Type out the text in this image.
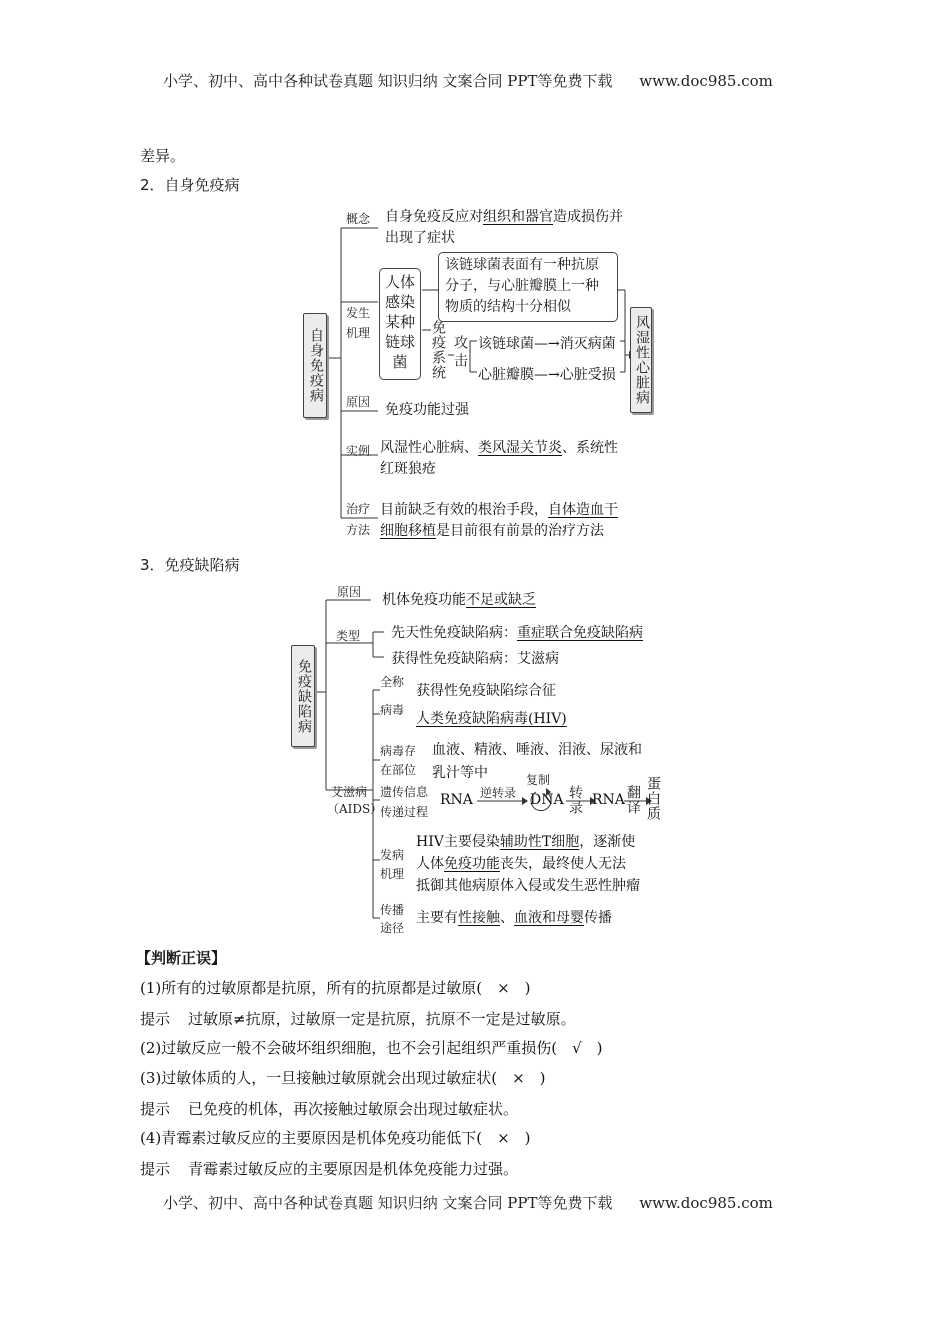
小学、初中、高中各种试卷真题 知识归纳 文案合同 PPT等免费下载 www.doc985.com
差异。
2．自身免疫病
自身免疫病
概念 自身免疫反应对组织和器官造成损伤并
出现了症状
发生
机理
人体感染某种链球菌
该链球菌表面有一种抗原
分子，与心脏瓣膜上一种
物质的结构十分相似
免疫系统 攻击 该链球菌—→消灭病菌
心脏瓣膜—→心脏受损 风湿性心脏病
原因 免疫功能过强
实例 风湿性心脏病、类风湿关节炎、系统性
红斑狼疮
治疗
方法
目前缺乏有效的根治手段，自体造血干
细胞移植是目前很有前景的治疗方法
3．免疫缺陷病
免疫缺陷病
原因 机体免疫功能不足或缺乏
类型 先天性免疫缺陷病：重症联合免疫缺陷病
获得性免疫缺陷病：艾滋病
艾滋病
（AIDS）
全称
获得性免疫缺陷综合征
病毒
人类免疫缺陷病毒(HIV)
病毒存
在部位
血液、精液、唾液、泪液、尿液和
乳汁等中
遗传信息
传递过程
RNA 逆转录
复制
DNA 转录 RNA 翻译 蛋白质
发病
机理
HIV主要侵染辅助性T细胞，逐渐使
人体免疫功能丧失，最终使人无法
抵御其他病原体入侵或发生恶性肿瘤
传播
途径
主要有性接触、血液和母婴传播
【判断正误】
(1)所有的过敏原都是抗原，所有的抗原都是过敏原(　×　)
提示 过敏原≠抗原，过敏原一定是抗原，抗原不一定是过敏原。
(2)过敏反应一般不会破坏组织细胞，也不会引起组织严重损伤(　√　)
(3)过敏体质的人，一旦接触过敏原就会出现过敏症状(　×　)
提示 已免疫的机体，再次接触过敏原会出现过敏症状。
(4)青霉素过敏反应的主要原因是机体免疫功能低下(　×　)
提示 青霉素过敏反应的主要原因是机体免疫能力过强。
小学、初中、高中各种试卷真题 知识归纳 文案合同 PPT等免费下载 www.doc985.com
